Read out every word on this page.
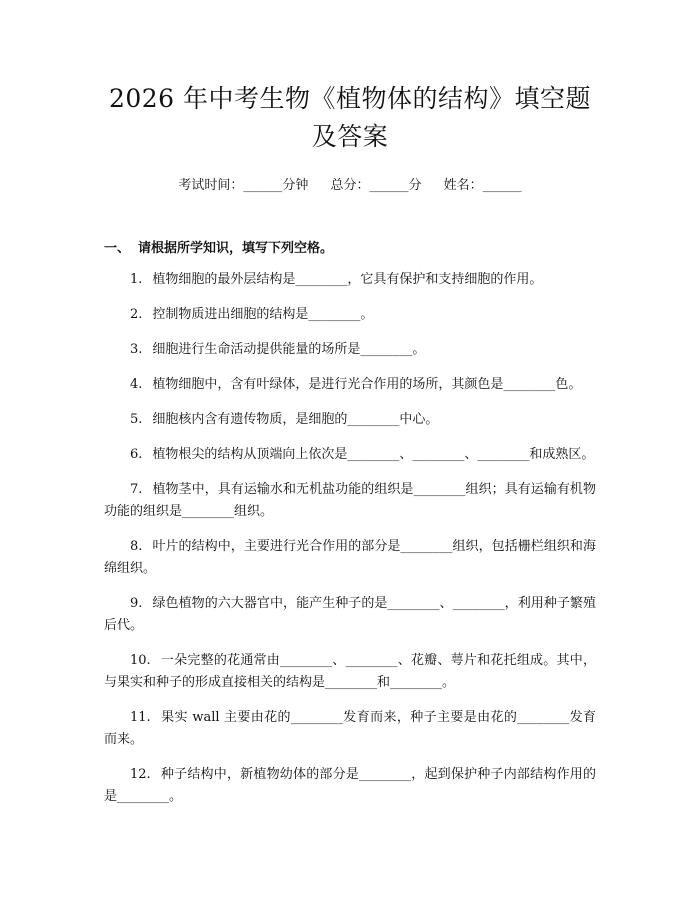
2026 年中考生物《植物体的结构》填空题及答案
考试时间：______分钟 总分：______分 姓名：______
一、 请根据所学知识，填写下列空格。

1. 植物细胞的最外层结构是________，它具有保护和支持细胞的作用。

2. 控制物质进出细胞的结构是________。

3. 细胞进行生命活动提供能量的场所是________。

4. 植物细胞中，含有叶绿体，是进行光合作用的场所，其颜色是________色。

5. 细胞核内含有遗传物质，是细胞的________中心。

6. 植物根尖的结构从顶端向上依次是________、________、________和成熟区。

7. 植物茎中，具有运输水和无机盐功能的组织是________组织；具有运输有机物功能的组织是________组织。

8. 叶片的结构中，主要进行光合作用的部分是________组织，包括栅栏组织和海绵组织。

9. 绿色植物的六大器官中，能产生种子的是________、________，利用种子繁殖后代。

10. 一朵完整的花通常由________、________、花瓣、萼片和花托组成。其中，与果实和种子的形成直接相关的结构是________和________。

11. 果实 wall 主要由花的________发育而来，种子主要是由花的________发育而来。

12. 种子结构中，新植物幼体的部分是________，起到保护种子内部结构作用的是________。
